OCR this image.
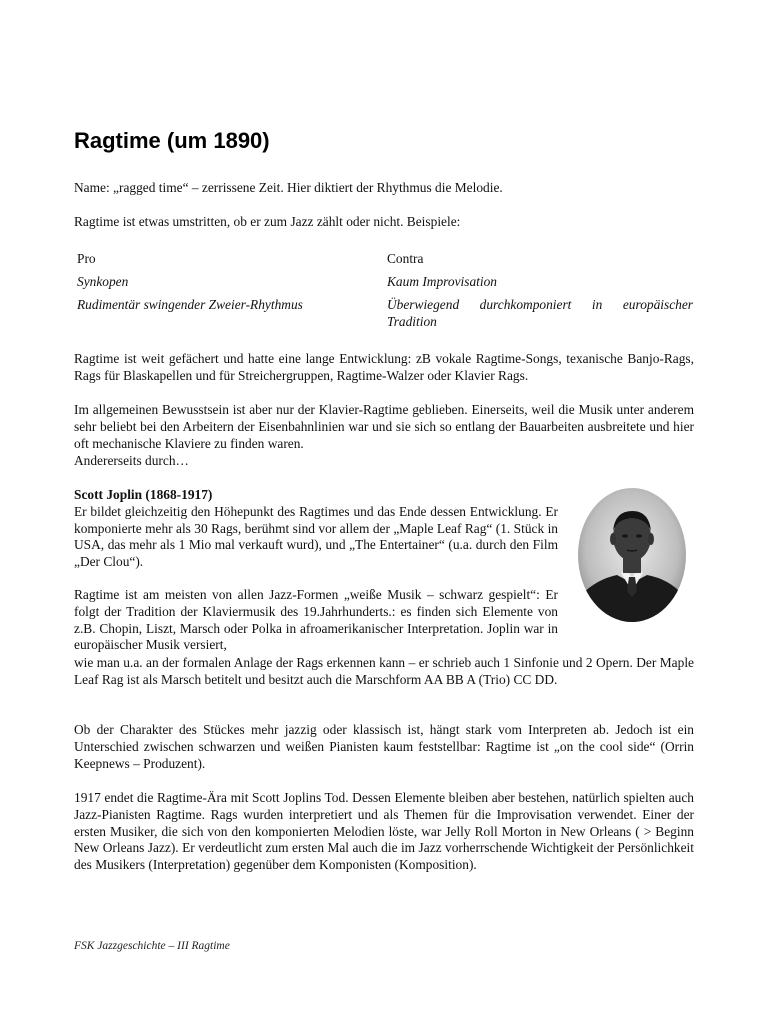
Ragtime (um 1890)

Name: „ragged time“ – zerrissene Zeit. Hier diktiert der Rhythmus die Melodie.

Ragtime ist etwas umstritten, ob er zum Jazz zählt oder nicht. Beispiele:

Pro	Contra
Synkopen	Kaum Improvisation
Rudimentär swingender Zweier-Rhythmus	Überwiegend durchkomponiert in europäischer Tradition

Ragtime ist weit gefächert und hatte eine lange Entwicklung: zB vokale Ragtime-Songs, texanische Banjo-Rags, Rags für Blaskapellen und für Streichergruppen, Ragtime-Walzer oder Klavier Rags.

Im allgemeinen Bewusstsein ist aber nur der Klavier-Ragtime geblieben. Einerseits, weil die Musik unter anderem sehr beliebt bei den Arbeitern der Eisenbahnlinien war und sie sich so entlang der Bauarbeiten ausbreitete und hier oft mechanische Klaviere zu finden waren.

Andererseits durch…

Scott Joplin (1868-1917)
Er bildet gleichzeitig den Höhepunkt des Ragtimes und das Ende dessen Entwicklung. Er komponierte mehr als 30 Rags, berühmt sind vor allem der „Maple Leaf Rag“ (1. Stück in USA, das mehr als 1 Mio mal verkauft wurd), und „The Entertainer“ (u.a. durch den Film „Der Clou“).

Ragtime ist am meisten von allen Jazz-Formen „weiße Musik – schwarz gespielt“: Er folgt der Tradition der Klaviermusik des 19.Jahrhunderts.: es finden sich Elemente von z.B. Chopin, Liszt, Marsch oder Polka in afroamerikanischer Interpretation. Joplin war in europäischer Musik versiert,

wie man u.a. an der formalen Anlage der Rags erkennen kann – er schrieb auch 1 Sinfonie und 2 Opern. Der Maple Leaf Rag ist als Marsch betitelt und besitzt auch die Marschform AA BB A (Trio) CC DD.

Ob der Charakter des Stückes mehr jazzig oder klassisch ist, hängt stark vom Interpreten ab. Jedoch ist ein Unterschied zwischen schwarzen und weißen Pianisten kaum feststellbar: Ragtime ist „on the cool side“ (Orrin Keepnews – Produzent).

1917 endet die Ragtime-Ära mit Scott Joplins Tod. Dessen Elemente bleiben aber bestehen, natürlich spielten auch Jazz-Pianisten Ragtime. Rags wurden interpretiert und als Themen für die Improvisation verwendet. Einer der ersten Musiker, die sich von den komponierten Melodien löste, war Jelly Roll Morton in New Orleans ( > Beginn New Orleans Jazz). Er verdeutlicht zum ersten Mal auch die im Jazz vorherrschende Wichtigkeit der Persönlichkeit des Musikers (Interpretation) gegenüber dem Komponisten (Komposition).

FSK Jazzgeschichte – III Ragtime
